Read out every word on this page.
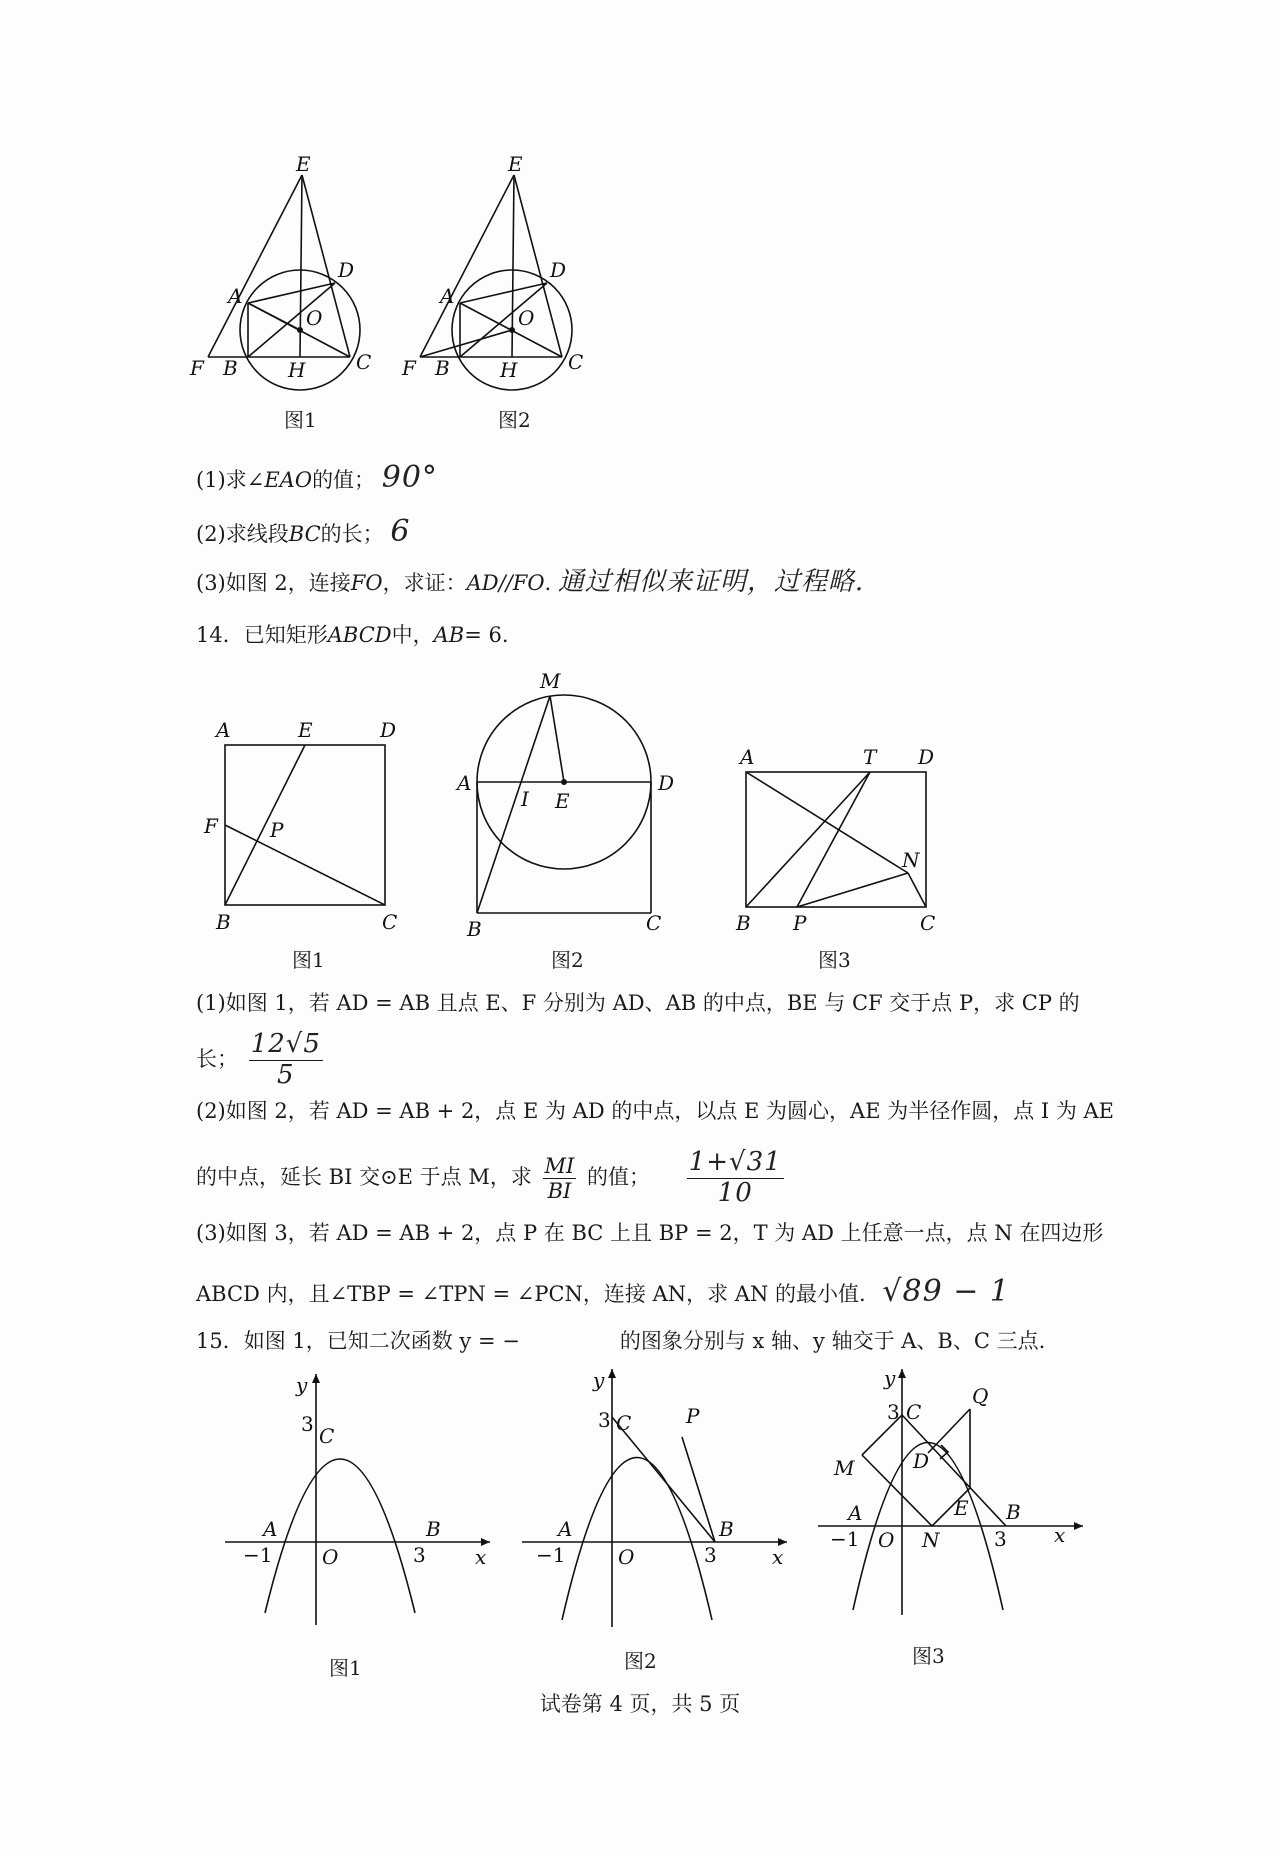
E
D
A
O
F B	H	C
图1
E
D
A
O
F B	H	C
图2
(1)求∠EAO的值； 90°
(2)求线段BC的长； 6
(3)如图 2，连接FO，求证：AD//FO. 通过相似来证明，过程略.
14．已知矩形ABCD中，AB= 6.
A	E	D
F	P
B	C
图1
M
A
I E
D
B	C
图2
A	T D
N
B P	C
图3
(1)如图 1，若 AD = AB 且点 E、F 分别为 AD、AB 的中点，BE 与 CF 交于点 P，求 CP 的
长； $\frac{12√5}{5}$
(2)如图 2，若 AD = AB + 2，点 E 为 AD 的中点，以点 E 为圆心，AE 为半径作圆，点 I 为 AE
的中点，延长 BI 交⊙E 于点 M，求 $\frac{MI}{BI}$ 的值； $\frac{1+√31}{10}$
(3)如图 3，若 AD = AB + 2，点 P 在 BC 上且 BP = 2，T 为 AD 上任意一点，点 N 在四边形
ABCD 内，且∠TBP = ∠TPN = ∠PCN，连接 AN，求 AN 的最小值. √89 − 1
15．如图 1，已知二次函数 y = −	的图象分别与 x 轴、y 轴交于 A、B、C 三点.
y
x
3 C
A
−1 O	3
B
图1
y
x
3 C	P
A
−1	O	3
B
图2
y
x
3 C
Q
M	D
E
A
−1 O N	3
B
图3
试卷第 4 页，共 5 页
